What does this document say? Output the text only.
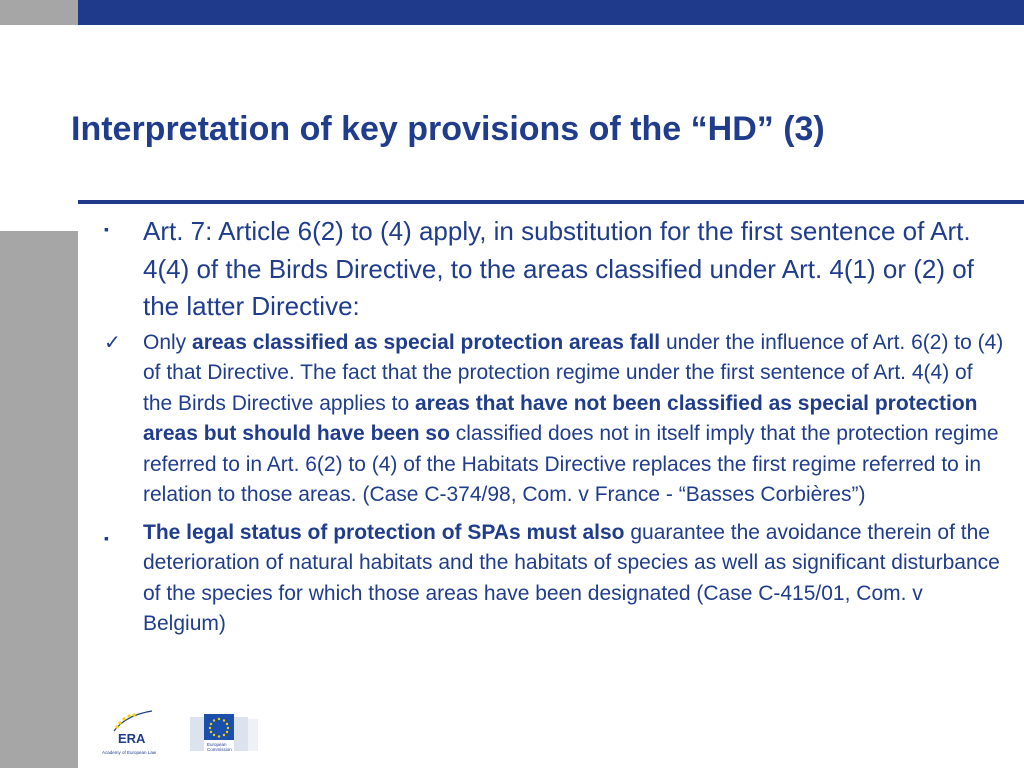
Interpretation of key provisions of the “HD” (3)
▪	Art. 7: Article 6(2) to (4) apply, in substitution for the first sentence of Art. 4(4) of the Birds Directive, to the areas classified under Art. 4(1) or (2) of the latter Directive:
✓	Only areas classified as special protection areas fall under the influence of Art. 6(2) to (4) of that Directive. The fact that the protection regime under the first sentence of Art. 4(4) of the Birds Directive applies to areas that have not been classified as special protection areas but should have been so classified does not in itself imply that the protection regime referred to in Art. 6(2) to (4) of the Habitats Directive replaces the first regime referred to in relation to those areas. (Case C-374/98, Com. v France - “Basses Corbières”)
▪	The legal status of protection of SPAs must also guarantee the avoidance therein of the deterioration of natural habitats and the habitats of species as well as significant disturbance of the species for which those areas have been designated (Case C-415/01, Com. v Belgium)
ERA
Academy of European Law
European
Commission
